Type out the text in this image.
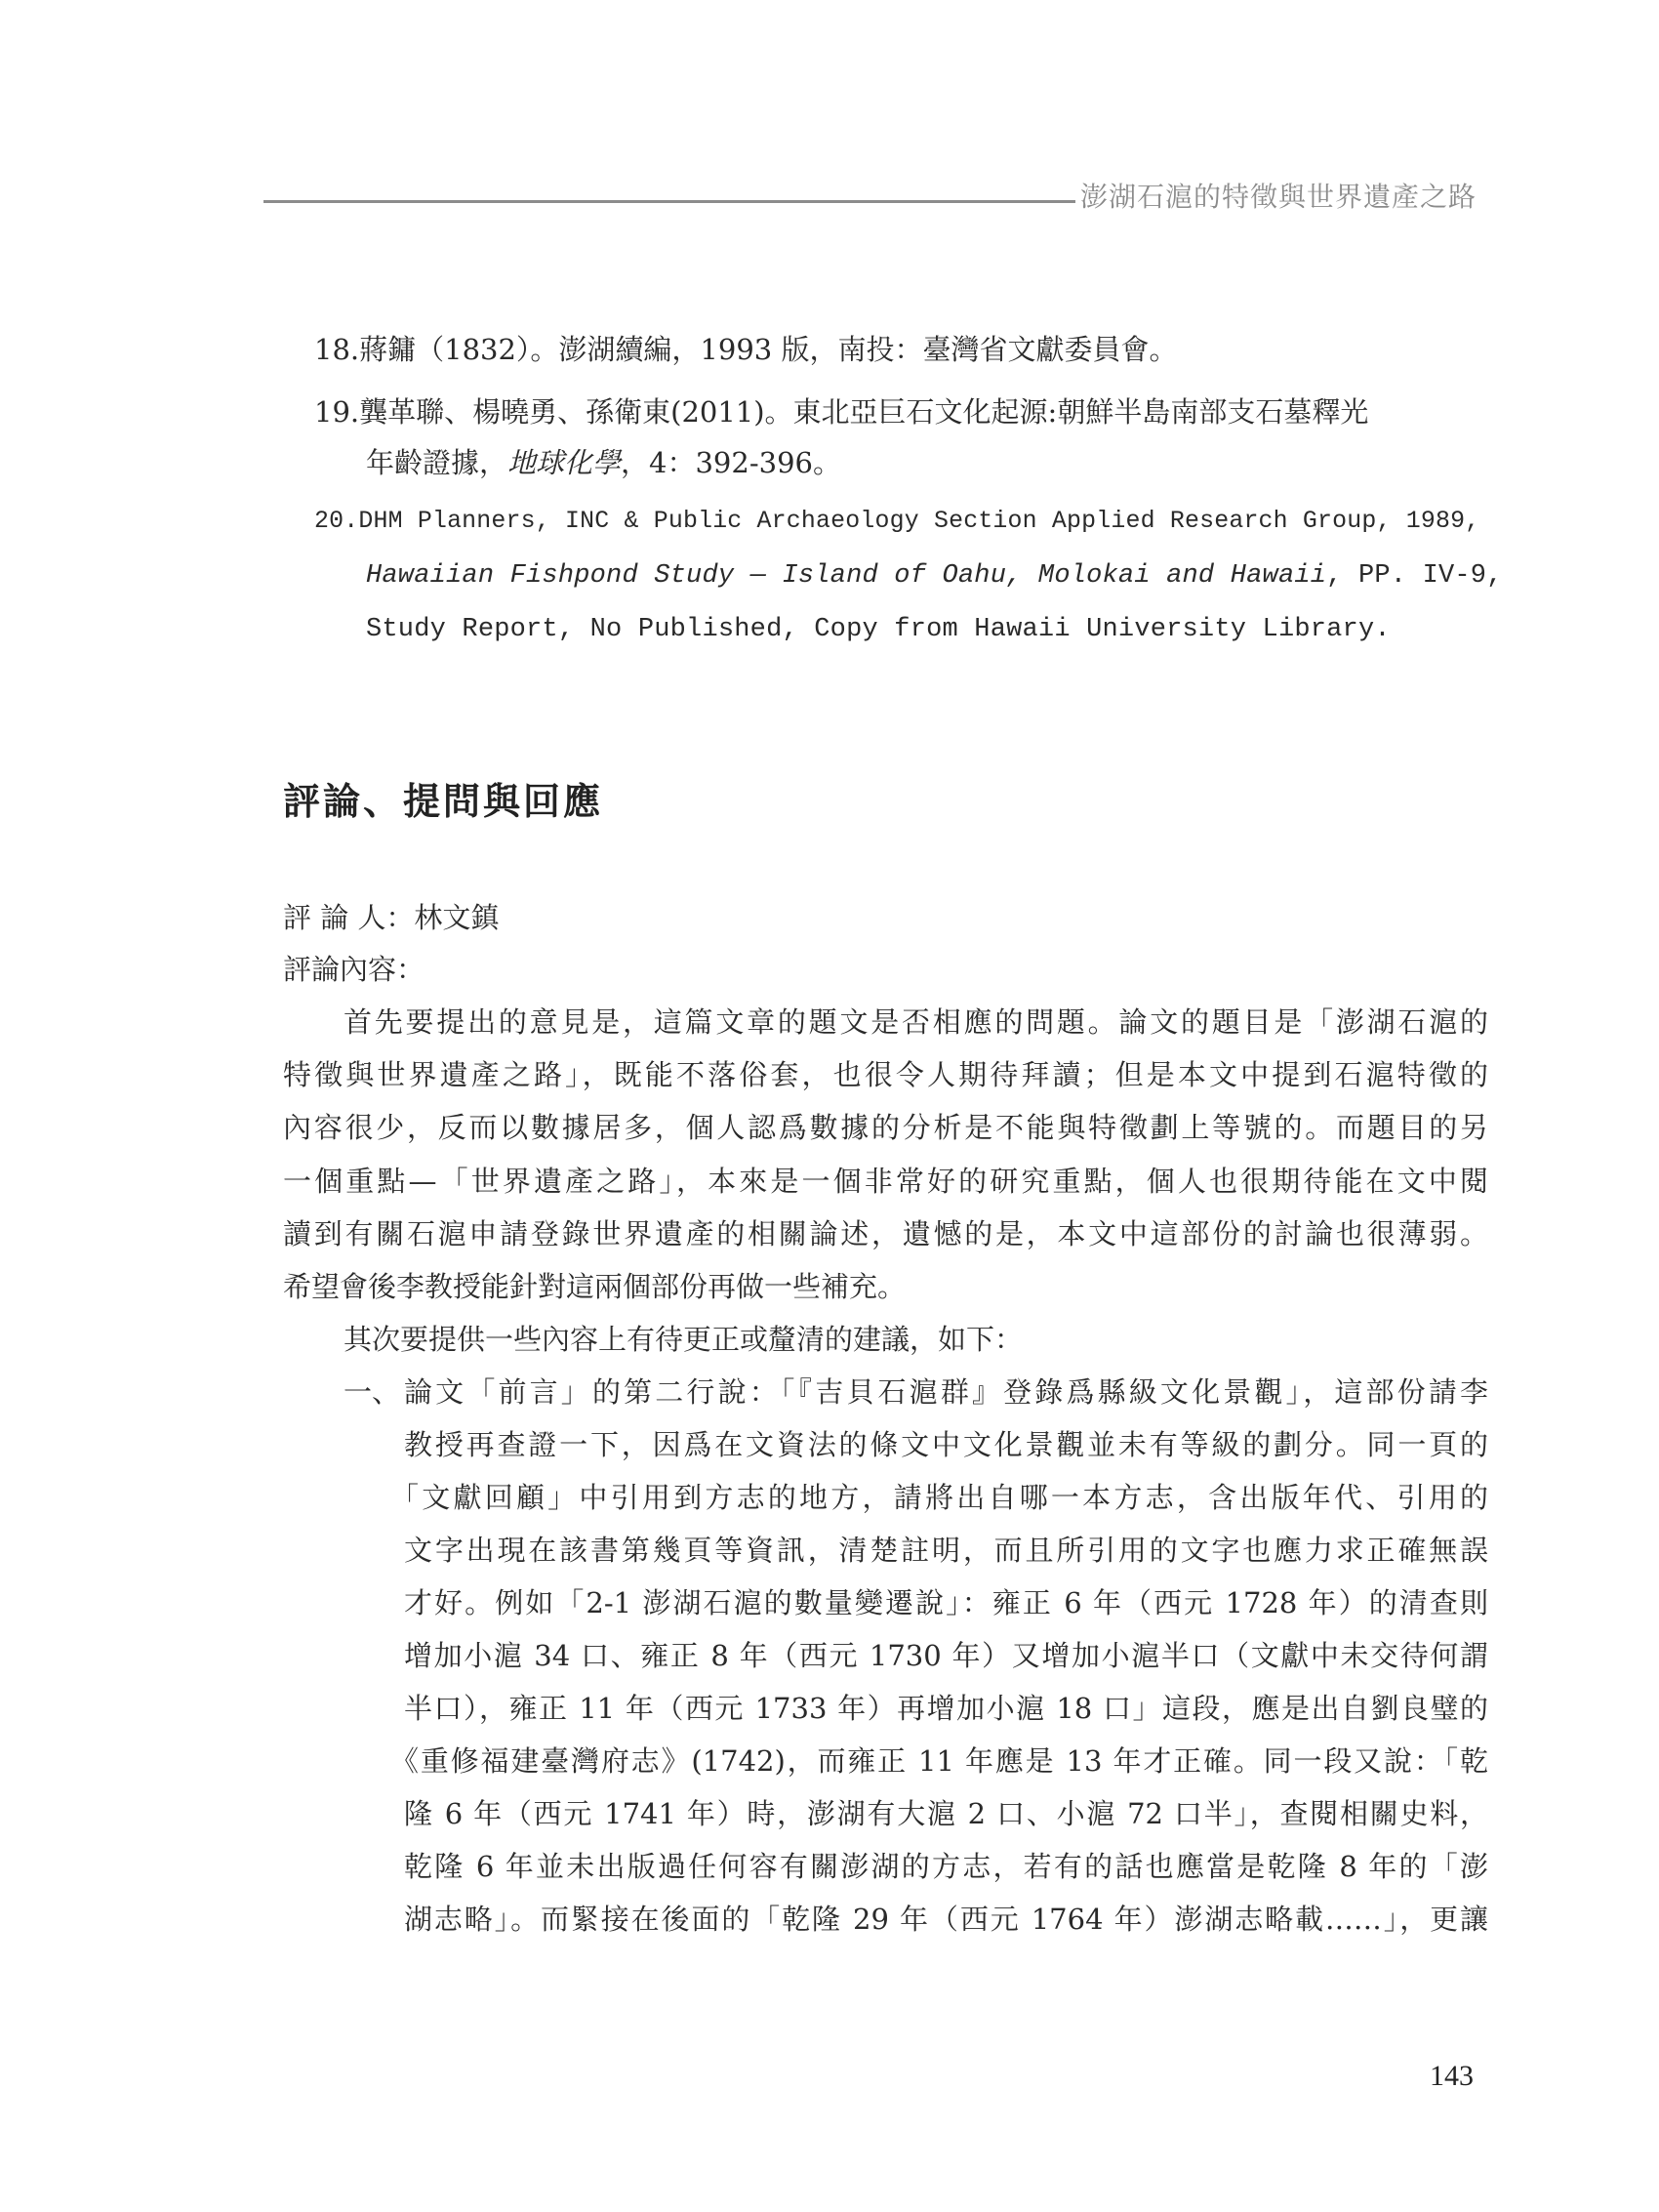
澎湖石滬的特徵與世界遺產之路
18.蔣鏞（1832）。澎湖續編，1993 版，南投：臺灣省文獻委員會。
19.龔革聯、楊曉勇、孫衛東(2011)。東北亞巨石文化起源:朝鮮半島南部支石墓釋光
年齡證據，地球化學，4：392-396。
20.DHM Planners, INC & Public Archaeology Section Applied Research Group, 1989,
Hawaiian Fishpond Study — Island of Oahu, Molokai and Hawaii, PP. IV-9,
Study Report, No Published, Copy from Hawaii University Library.
評論、提問與回應
評 論 人：林文鎮
評論內容：
首先要提出的意見是，這篇文章的題文是否相應的問題。論文的題目是「澎湖石滬的
特徵與世界遺產之路」，既能不落俗套，也很令人期待拜讀；但是本文中提到石滬特徵的
內容很少，反而以數據居多，個人認爲數據的分析是不能與特徵劃上等號的。而題目的另
一個重點—「世界遺產之路」，本來是一個非常好的研究重點，個人也很期待能在文中閱
讀到有關石滬申請登錄世界遺產的相關論述，遺憾的是，本文中這部份的討論也很薄弱。
希望會後李教授能針對這兩個部份再做一些補充。
其次要提供一些內容上有待更正或釐清的建議，如下：
一、 論文「前言」的第二行說：「『吉貝石滬群』登錄爲縣級文化景觀」，這部份請李
教授再查證一下，因爲在文資法的條文中文化景觀並未有等級的劃分。同一頁的
「文獻回顧」中引用到方志的地方，請將出自哪一本方志，含出版年代、引用的
文字出現在該書第幾頁等資訊，清楚註明，而且所引用的文字也應力求正確無誤
才好。例如「2-1 澎湖石滬的數量變遷說」：雍正 6 年（西元 1728 年）的清查則
增加小滬 34 口、雍正 8 年（西元 1730 年）又增加小滬半口（文獻中未交待何謂
半口），雍正 11 年（西元 1733 年）再增加小滬 18 口」這段，應是出自劉良璧的
《重修福建臺灣府志》(1742)，而雍正 11 年應是 13 年才正確。同一段又說：「乾
隆 6 年（西元 1741 年）時，澎湖有大滬 2 口、小滬 72 口半」，查閱相關史料，
乾隆 6 年並未出版過任何容有關澎湖的方志，若有的話也應當是乾隆 8 年的「澎
湖志略」。而緊接在後面的「乾隆 29 年（西元 1764 年）澎湖志略載……」，更讓
143
